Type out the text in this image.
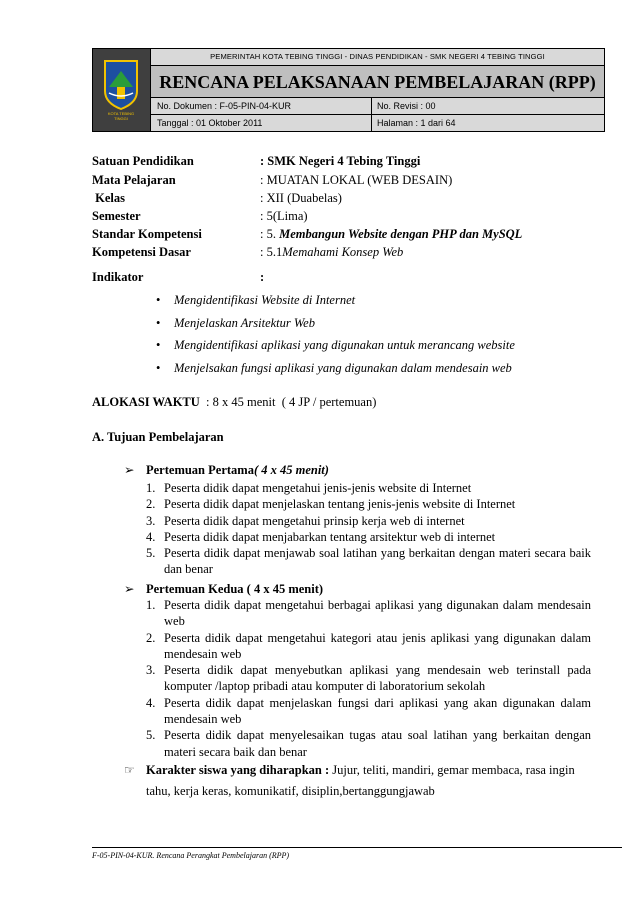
KOTA TEBING
TINGGI
PEMERINTAH KOTA TEBING TINGGI - DINAS PENDIDIKAN - SMK NEGERI 4 TEBING TINGGI
RENCANA PELAKSANAAN PEMBELAJARAN (RPP)
No. Dokumen : F-05-PIN-04-KUR	No. Revisi : 00
Tanggal : 01 Oktober 2011	Halaman : 1 dari 64
Satuan Pendidikan	: SMK Negeri 4 Tebing Tinggi
Mata Pelajaran	: MUATAN LOKAL (WEB DESAIN)
Kelas	: XII (Duabelas)
Semester	: 5(Lima)
Standar Kompetensi	: 5. Membangun Website dengan PHP dan MySQL
Kompetensi Dasar	: 5.1Memahami Konsep Web
Indikator	:
• Mengidentifikasi Website di Internet
• Menjelaskan Arsitektur Web
• Mengidentifikasi aplikasi yang digunakan untuk merancang website
• Menjelsakan fungsi aplikasi yang digunakan dalam mendesain web
ALOKASI WAKTU  : 8 x 45 menit  ( 4 JP / pertemuan)
A. Tujuan Pembelajaran
➢ Pertemuan Pertama( 4 x 45 menit)
1. Peserta didik dapat mengetahui jenis-jenis website di Internet
2. Peserta didik dapat menjelaskan tentang jenis-jenis website di Internet
3. Peserta didik dapat mengetahui prinsip kerja web di internet
4. Peserta didik dapat menjabarkan tentang arsitektur web di internet
5. Peserta didik dapat menjawab soal latihan yang berkaitan dengan materi secara baik dan benar
➢ Pertemuan Kedua ( 4 x 45 menit)
1. Peserta didik dapat mengetahui berbagai aplikasi yang digunakan dalam mendesain web
2. Peserta didik dapat mengetahui kategori atau jenis aplikasi yang digunakan dalam mendesain web
3. Peserta didik dapat menyebutkan aplikasi yang mendesain web terinstall pada komputer /laptop pribadi atau komputer di laboratorium sekolah
4. Peserta didik dapat menjelaskan fungsi dari aplikasi yang akan digunakan dalam mendesain web
5. Peserta didik dapat menyelesaikan tugas atau soal latihan yang berkaitan dengan materi secara baik dan benar
☞ Karakter siswa yang diharapkan : Jujur, teliti, mandiri, gemar membaca, rasa ingin
tahu, kerja keras, komunikatif, disiplin,bertanggungjawab
F-05-PIN-04-KUR. Rencana Perangkat Pembelajaran (RPP)
